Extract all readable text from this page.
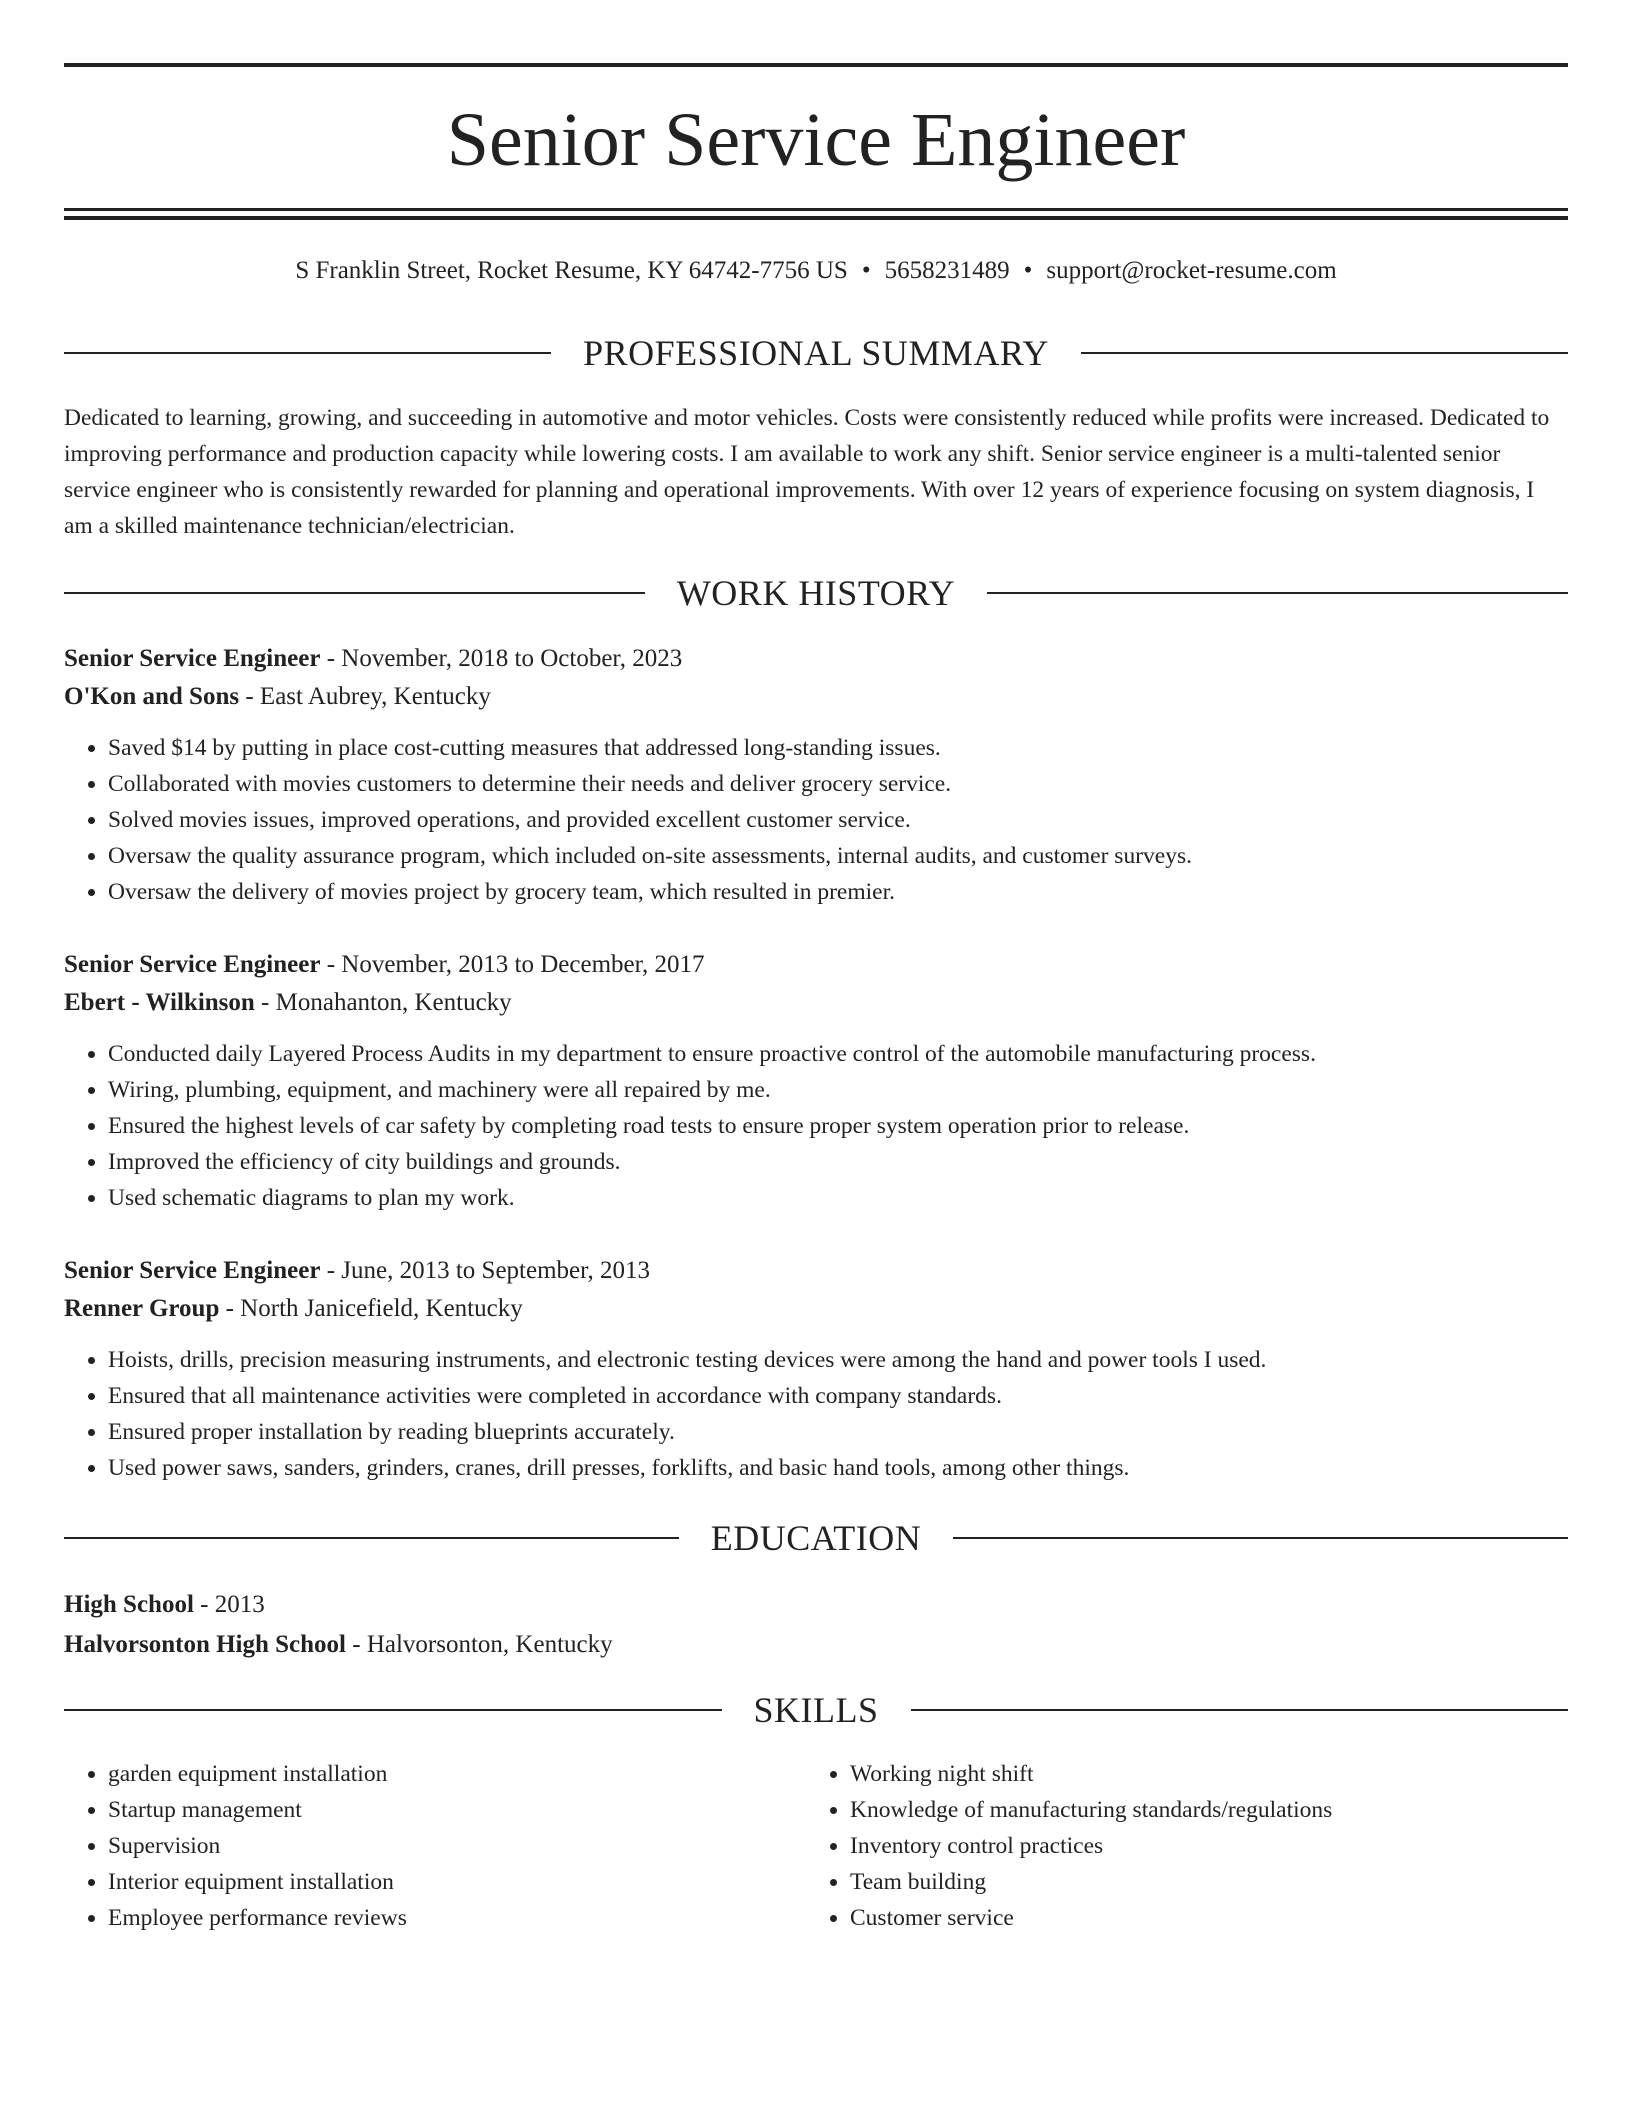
Senior Service Engineer
S Franklin Street, Rocket Resume, KY 64742-7756 US • 5658231489 • support@rocket-resume.com
PROFESSIONAL SUMMARY

Dedicated to learning, growing, and succeeding in automotive and motor vehicles. Costs were consistently reduced while profits were increased. Dedicated to improving performance and production capacity while lowering costs. I am available to work any shift. Senior service engineer is a multi-talented senior service engineer who is consistently rewarded for planning and operational improvements. With over 12 years of experience focusing on system diagnosis, I am a skilled maintenance technician/electrician.

WORK HISTORY

Senior Service Engineer - November, 2018 to October, 2023

O'Kon and Sons - East Aubrey, Kentucky

• Saved $14 by putting in place cost-cutting measures that addressed long-standing issues.
• Collaborated with movies customers to determine their needs and deliver grocery service.
• Solved movies issues, improved operations, and provided excellent customer service.
• Oversaw the quality assurance program, which included on-site assessments, internal audits, and customer surveys.
• Oversaw the delivery of movies project by grocery team, which resulted in premier.

Senior Service Engineer - November, 2013 to December, 2017

Ebert - Wilkinson - Monahanton, Kentucky

• Conducted daily Layered Process Audits in my department to ensure proactive control of the automobile manufacturing process.
• Wiring, plumbing, equipment, and machinery were all repaired by me.
• Ensured the highest levels of car safety by completing road tests to ensure proper system operation prior to release.
• Improved the efficiency of city buildings and grounds.
• Used schematic diagrams to plan my work.

Senior Service Engineer - June, 2013 to September, 2013

Renner Group - North Janicefield, Kentucky

• Hoists, drills, precision measuring instruments, and electronic testing devices were among the hand and power tools I used.
• Ensured that all maintenance activities were completed in accordance with company standards.
• Ensured proper installation by reading blueprints accurately.
• Used power saws, sanders, grinders, cranes, drill presses, forklifts, and basic hand tools, among other things.
EDUCATION

High School - 2013

Halvorsonton High School - Halvorsonton, Kentucky

SKILLS
• garden equipment installation
• Startup management
• Supervision
• Interior equipment installation
• Employee performance reviews
• Working night shift
• Knowledge of manufacturing standards/regulations
• Inventory control practices
• Team building
• Customer service
